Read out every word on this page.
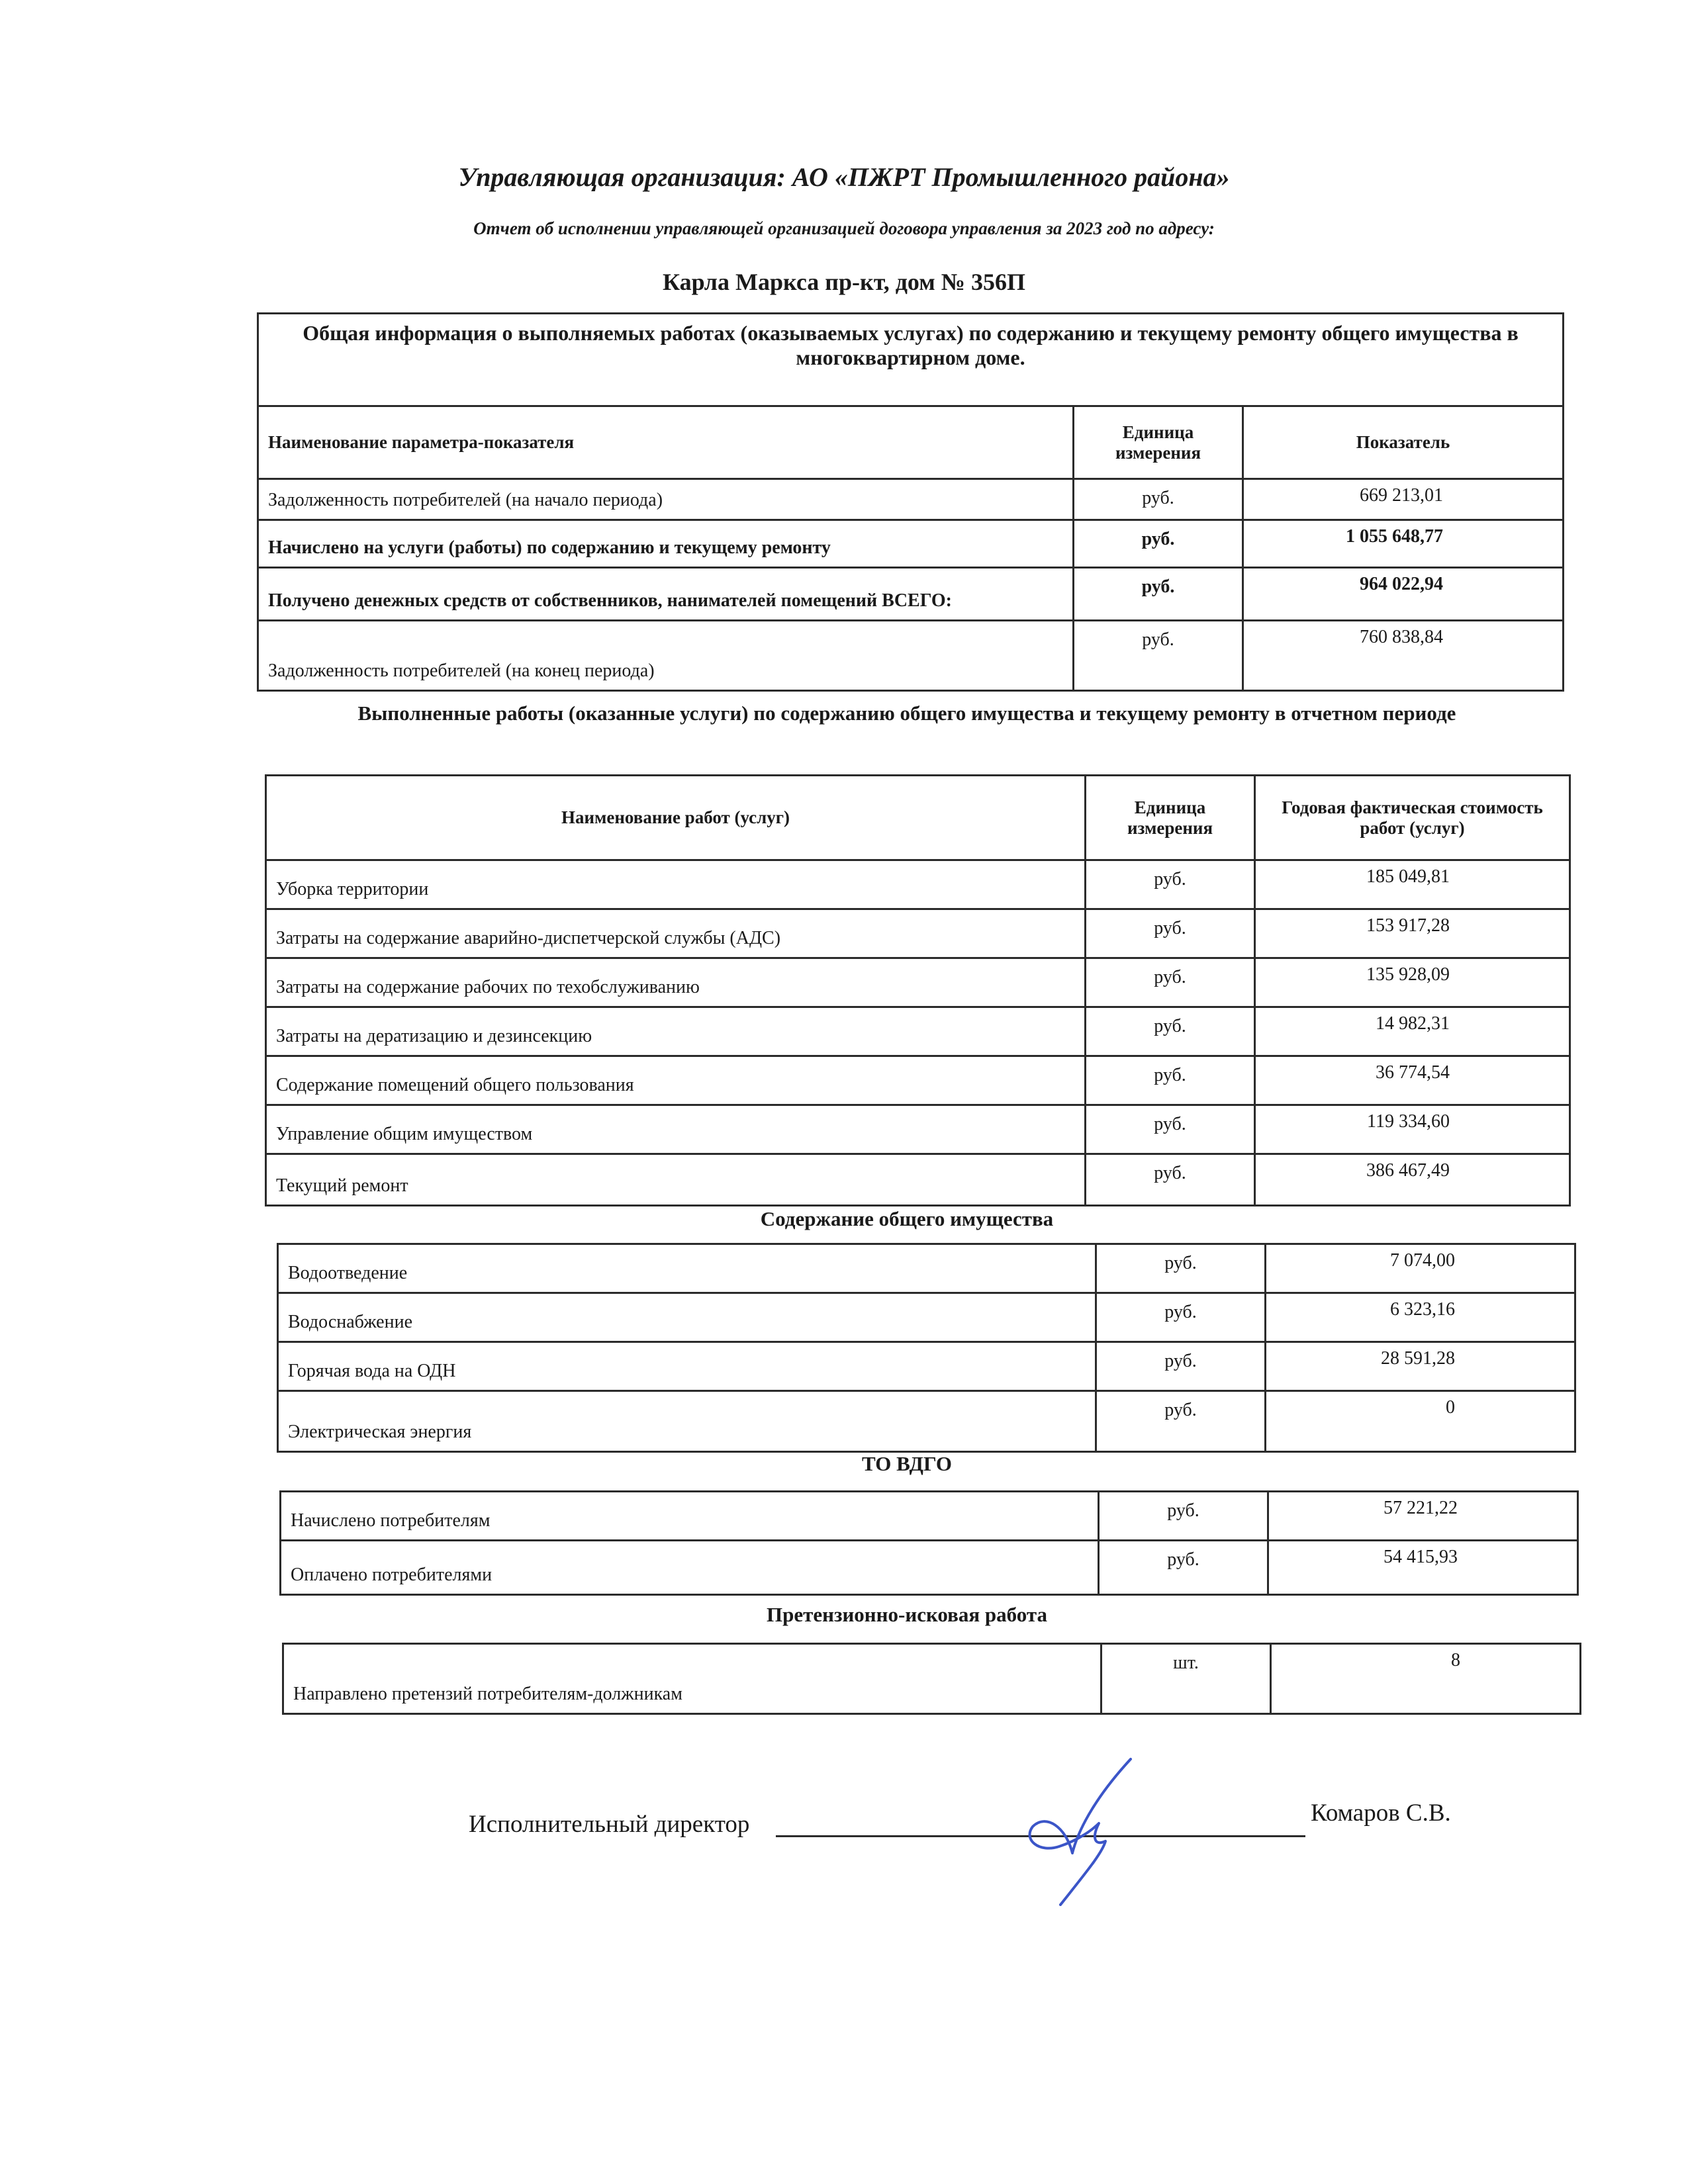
Управляющая организация: АО «ПЖРТ Промышленного района»
Отчет об исполнении управляющей организацией договора управления за 2023 год по адресу:
Карла Маркса пр-кт, дом № 356П
Общая информация о выполняемых работах (оказываемых услугах) по содержанию и текущему ремонту общего имущества в многоквартирном доме.		
Наименование параметра-показателя	Единица измерения	Показатель
Задолженность потребителей (на начало периода)	руб.	669 213,01
Начислено на услуги (работы) по содержанию и текущему ремонту	руб.	1 055 648,77
Получено денежных средств от собственников, нанимателей помещений ВСЕГО:	руб.	964 022,94
Задолженность потребителей (на конец периода)	руб.	760 838,84
Выполненные работы (оказанные услуги) по содержанию общего имущества и текущему ремонту в отчетном периоде
Наименование работ (услуг)	Единица измерения	Годовая фактическая стоимость работ (услуг)
Уборка территории	руб.	185 049,81
Затраты на содержание аварийно-диспетчерской службы (АДС)	руб.	153 917,28
Затраты на содержание рабочих по техобслуживанию	руб.	135 928,09
Затраты на дератизацию и дезинсекцию	руб.	14 982,31
Содержание помещений общего пользования	руб.	36 774,54
Управление общим имуществом	руб.	119 334,60
Текущий ремонт	руб.	386 467,49
Содержание общего имущества
Водоотведение	руб.	7 074,00
Водоснабжение	руб.	6 323,16
Горячая вода на ОДН	руб.	28 591,28
Электрическая энергия	руб.	0
ТО ВДГО
Начислено потребителям	руб.	57 221,22
Оплачено потребителями	руб.	54 415,93
Претензионно-исковая работа
Направлено претензий потребителям-должникам	шт.	8
Исполнительный директор	Комаров С.В.
